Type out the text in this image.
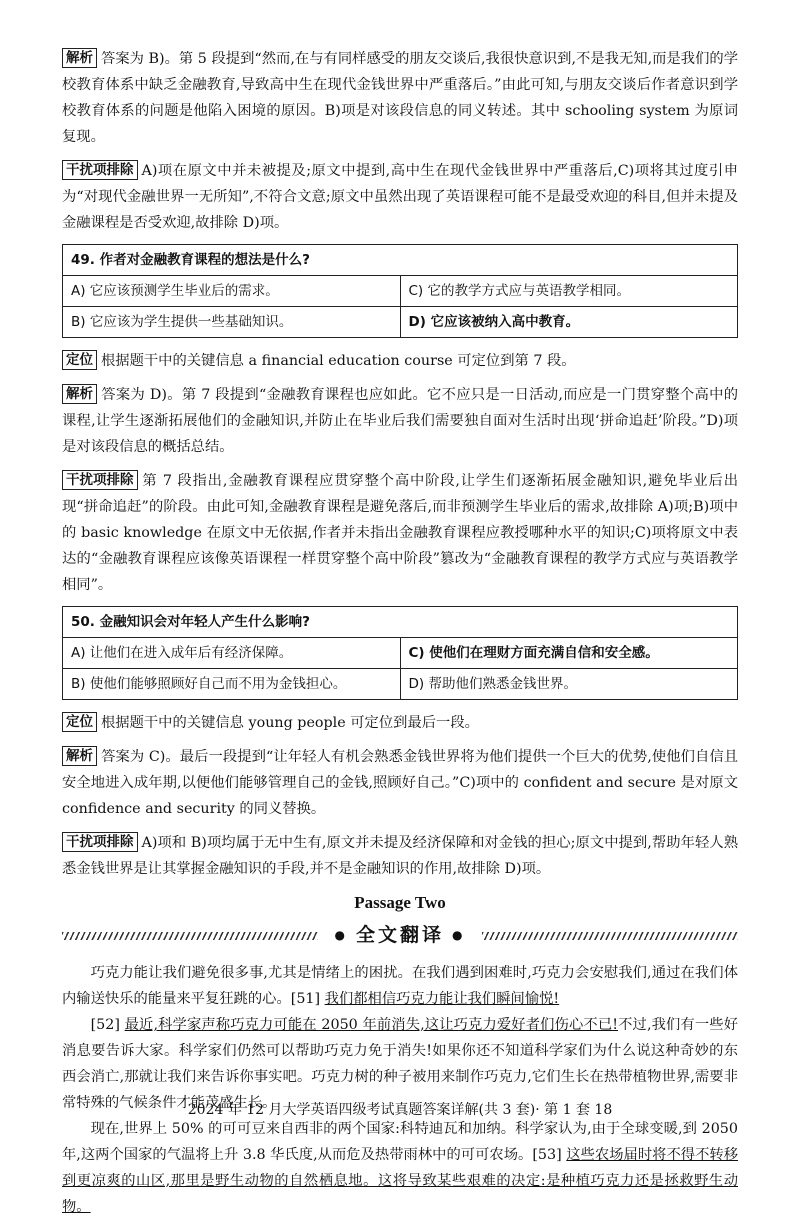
解析 答案为 B)。第 5 段提到“然而,在与有同样感受的朋友交谈后,我很快意识到,不是我无知,而是我们的学校教育体系中缺乏金融教育,导致高中生在现代金钱世界中严重落后。”由此可知,与朋友交谈后作者意识到学校教育体系的问题是他陷入困境的原因。B)项是对该段信息的同义转述。其中 schooling system 为原词复现。

干扰项排除 A)项在原文中并未被提及;原文中提到,高中生在现代金钱世界中严重落后,C)项将其过度引申为“对现代金融世界一无所知”,不符合文意;原文中虽然出现了英语课程可能不是最受欢迎的科目,但并未提及金融课程是否受欢迎,故排除 D)项。

49. 作者对金融教育课程的想法是什么?	
A) 它应该预测学生毕业后的需求。	C) 它的教学方式应与英语教学相同。
B) 它应该为学生提供一些基础知识。	D) 它应该被纳入高中教育。

定位 根据题干中的关键信息 a financial education course 可定位到第 7 段。

解析 答案为 D)。第 7 段提到“金融教育课程也应如此。它不应只是一日活动,而应是一门贯穿整个高中的课程,让学生逐渐拓展他们的金融知识,并防止在毕业后我们需要独自面对生活时出现‘拼命追赶’阶段。”D)项是对该段信息的概括总结。

干扰项排除 第 7 段指出,金融教育课程应贯穿整个高中阶段,让学生们逐渐拓展金融知识,避免毕业后出现“拼命追赶”的阶段。由此可知,金融教育课程是避免落后,而非预测学生毕业后的需求,故排除 A)项;B)项中的 basic knowledge 在原文中无依据,作者并未指出金融教育课程应教授哪种水平的知识;C)项将原文中表达的“金融教育课程应该像英语课程一样贯穿整个高中阶段”篡改为“金融教育课程的教学方式应与英语教学相同”。

50. 金融知识会对年轻人产生什么影响?	
A) 让他们在进入成年后有经济保障。	C) 使他们在理财方面充满自信和安全感。
B) 使他们能够照顾好自己而不用为金钱担心。	D) 帮助他们熟悉金钱世界。

定位 根据题干中的关键信息 young people 可定位到最后一段。

解析 答案为 C)。最后一段提到“让年轻人有机会熟悉金钱世界将为他们提供一个巨大的优势,使他们自信且安全地进入成年期,以便他们能够管理自己的金钱,照顾好自己。”C)项中的 confident and secure 是对原文 confidence and security 的同义替换。

干扰项排除 A)项和 B)项均属于无中生有,原文并未提及经济保障和对金钱的担心;原文中提到,帮助年轻人熟悉金钱世界是让其掌握金融知识的手段,并不是金融知识的作用,故排除 D)项。

Passage Two
● 全文翻译 ●

巧克力能让我们避免很多事,尤其是情绪上的困扰。在我们遇到困难时,巧克力会安慰我们,通过在我们体内输送快乐的能量来平复狂跳的心。[51] 我们都相信巧克力能让我们瞬间愉悦!

[52] 最近,科学家声称巧克力可能在 2050 年前消失,这让巧克力爱好者们伤心不已!不过,我们有一些好消息要告诉大家。科学家们仍然可以帮助巧克力免于消失!如果你还不知道科学家们为什么说这种奇妙的东西会消亡,那就让我们来告诉你事实吧。巧克力树的种子被用来制作巧克力,它们生长在热带植物世界,需要非常特殊的气候条件才能茂盛生长。

现在,世界上 50% 的可可豆来自西非的两个国家:科特迪瓦和加纳。科学家认为,由于全球变暖,到 2050 年,这两个国家的气温将上升 3.8 华氏度,从而危及热带雨林中的可可农场。[53] 这些农场届时将不得不转移到更凉爽的山区,那里是野生动物的自然栖息地。这将导致某些艰难的决定:是种植巧克力还是拯救野生动物。

2024 年 12 月大学英语四级考试真题答案详解(共 3 套)· 第 1 套 18
